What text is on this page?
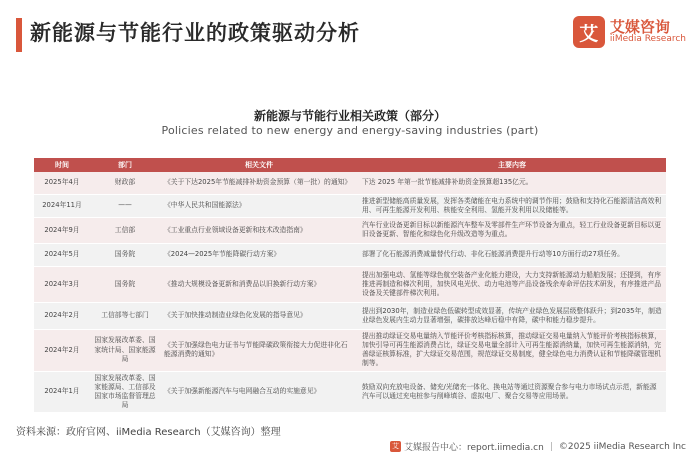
新能源与节能行业的政策驱动分析	艾 艾媒咨询
iiMedia Research
新能源与节能行业相关政策（部分）
Policies related to new energy and energy-saving industries (part)
时间	部门	相关文件	主要内容
2025年4月	财政部	《关于下达2025年节能减排补助资金预算（第一批）的通知》	下达 2025 年第一批节能减排补助资金预算超135亿元。
2024年11月	——	《中华人民共和国能源法》	推进新型储能高质量发展，发挥各类储能在电力系统中的调节作用；鼓励和支持化石能源清洁高效利用、可再生能源开发利用、核能安全利用、氢能开发利用以及储能等。
2024年9月	工信部	《工业重点行业领域设备更新和技术改造指南》	汽车行业设备更新目标以新能源汽车整车及零部件生产环节设备为重点，轻工行业设备更新目标以更旧设备更新、智能化和绿色化升级改造等为重点。
2024年5月	国务院	《2024—2025年节能降碳行动方案》	部署了化石能源消费减量替代行动、非化石能源消费提升行动等10方面行动27项任务。
2024年3月	国务院	《推动大规模设备更新和消费品以旧换新行动方案》	提出加强电动、氢能等绿色航空装备产业化能力建设，大力支持新能源动力船舶发展；还提到，有序推进再制造和梯次利用，加快风电光伏、动力电池等产品设备残余寿命评估技术研发，有序推进产品设备及关键部件梯次利用。
2024年2月	工信部等七部门	《关于加快推动制造业绿色化发展的指导意见》	提出到2030年，制造业绿色低碳转型成效显著，传统产业绿色发展层级整体跃升；到2035年，制造业绿色发展内生动力显著增强，碳排放达峰后稳中有降，碳中和能力稳步提升。
2024年2月	国家发展改革委、国家统计局、国家能源局	《关于加强绿色电力证书与节能降碳政策衔接大力促进非化石能源消费的通知》	提出推动绿证交易电量纳入节能评价考核指标核算，推动绿证交易电量纳入节能评价考核指标核算，加快引导可再生能源消费占比，绿证交易电量全部计入可再生能源消纳量，加快可再生能源消纳，完善绿证核算标准，扩大绿证交易范围，规范绿证交易制度，健全绿色电力消费认证和节能降碳管理机制等。
2024年1月	国家发展改革委、国家能源局、工信部及国家市场监督管理总局	《关于加强新能源汽车与电网融合互动的实施意见》	鼓励双向充放电设备、储充/光储充一体化、换电站等通过资源聚合参与电力市场试点示范，新能源汽车可以通过充电桩参与削峰填谷、虚拟电厂、聚合交易等应用场景。
资料来源：政府官网、iiMedia Research（艾媒咨询）整理
艾 艾媒报告中心：report.iimedia.cn | ©2025 iiMedia Research Inc
